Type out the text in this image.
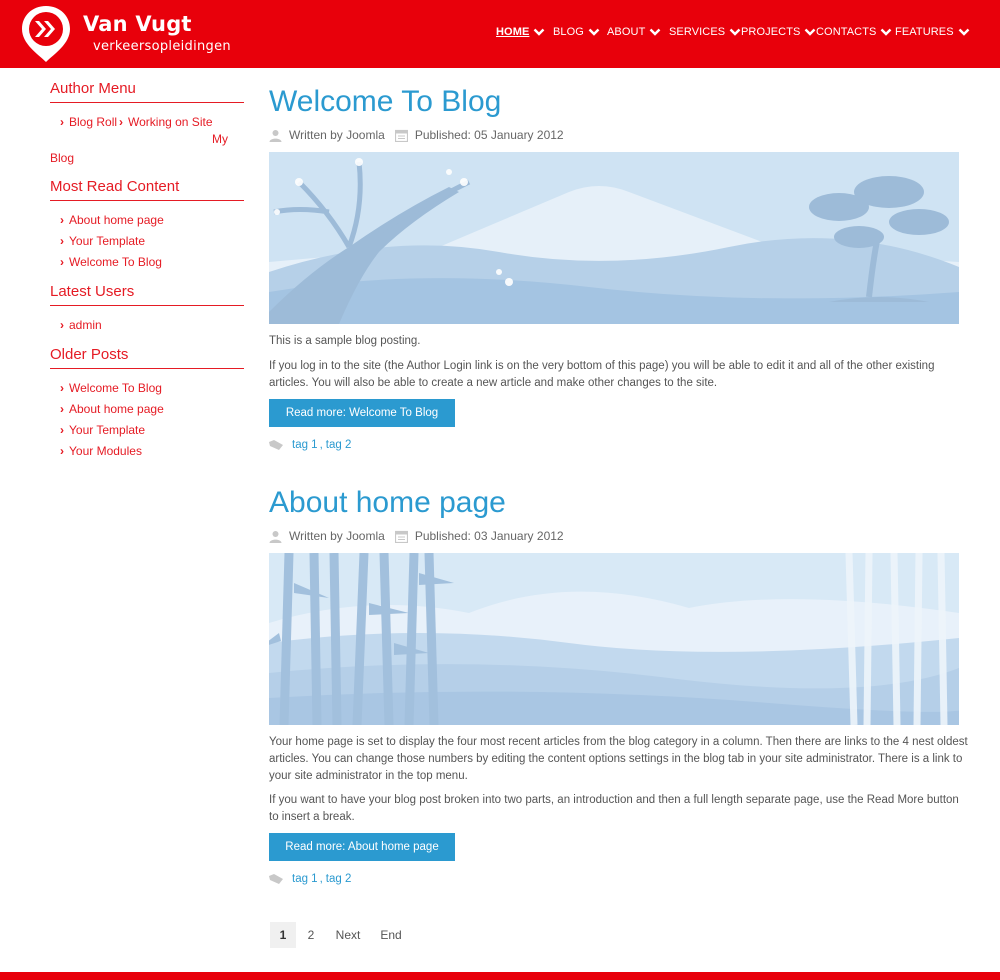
Van Vugt
verkeersopleidingen
HOME BLOG ABOUT SERVICES PROJECTS CONTACTS FEATURES
Author Menu
› Blog Roll › Working on Site
My
Blog
Most Read Content
› About home page
› Your Template
› Welcome To Blog
Latest Users
› admin
Older Posts
› Welcome To Blog
› About home page
› Your Template
› Your Modules
Welcome To Blog
Written by Joomla	Published: 05 January 2012
This is a sample blog posting.
If you log in to the site (the Author Login link is on the very bottom of this page) you will be able to edit it and all of the other existing articles. You will also be able to create a new article and make other changes to the site.
Read more: Welcome To Blog
tag 1 , tag 2
About home page
Written by Joomla	Published: 03 January 2012
Your home page is set to display the four most recent articles from the blog category in a column. Then there are links to the 4 nest oldest articles. You can change those numbers by editing the content options settings in the blog tab in your site administrator. There is a link to your site administrator in the top menu.
If you want to have your blog post broken into two parts, an introduction and then a full length separate page, use the Read More button to insert a break.
Read more: About home page
tag 1 , tag 2
1	2	Next	End
